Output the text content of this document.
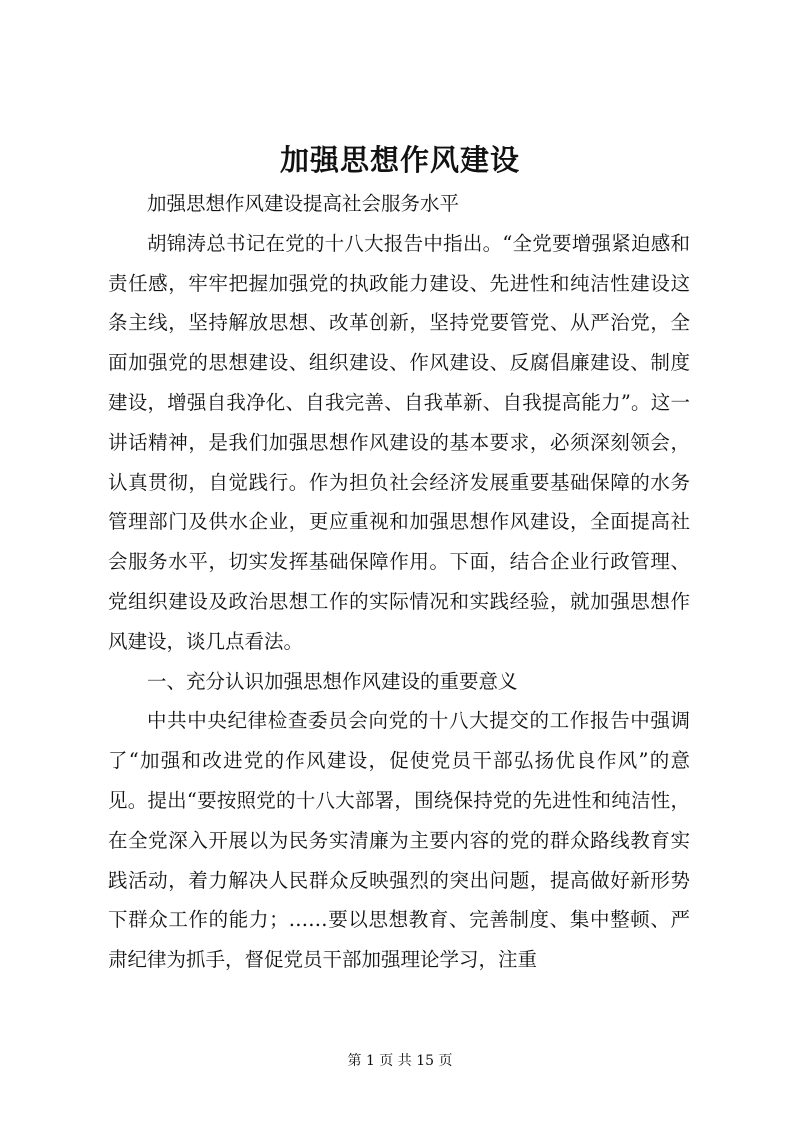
加强思想作风建设

加强思想作风建设提高社会服务水平

胡锦涛总书记在党的十八大报告中指出。“全党要增强紧迫感和责任感，牢牢把握加强党的执政能力建设、先进性和纯洁性建设这条主线，坚持解放思想、改革创新，坚持党要管党、从严治党，全面加强党的思想建设、组织建设、作风建设、反腐倡廉建设、制度建设，增强自我净化、自我完善、自我革新、自我提高能力”。这一讲话精神，是我们加强思想作风建设的基本要求，必须深刻领会，认真贯彻，自觉践行。作为担负社会经济发展重要基础保障的水务管理部门及供水企业，更应重视和加强思想作风建设，全面提高社会服务水平，切实发挥基础保障作用。下面，结合企业行政管理、党组织建设及政治思想工作的实际情况和实践经验，就加强思想作风建设，谈几点看法。

一、充分认识加强思想作风建设的重要意义

中共中央纪律检查委员会向党的十八大提交的工作报告中强调了“加强和改进党的作风建设，促使党员干部弘扬优良作风”的意见。提出“要按照党的十八大部署，围绕保持党的先进性和纯洁性，在全党深入开展以为民务实清廉为主要内容的党的群众路线教育实践活动，着力解决人民群众反映强烈的突出问题，提高做好新形势下群众工作的能力；……要以思想教育、完善制度、集中整顿、严肃纪律为抓手，督促党员干部加强理论学习，注重

第 1 页 共 15 页
